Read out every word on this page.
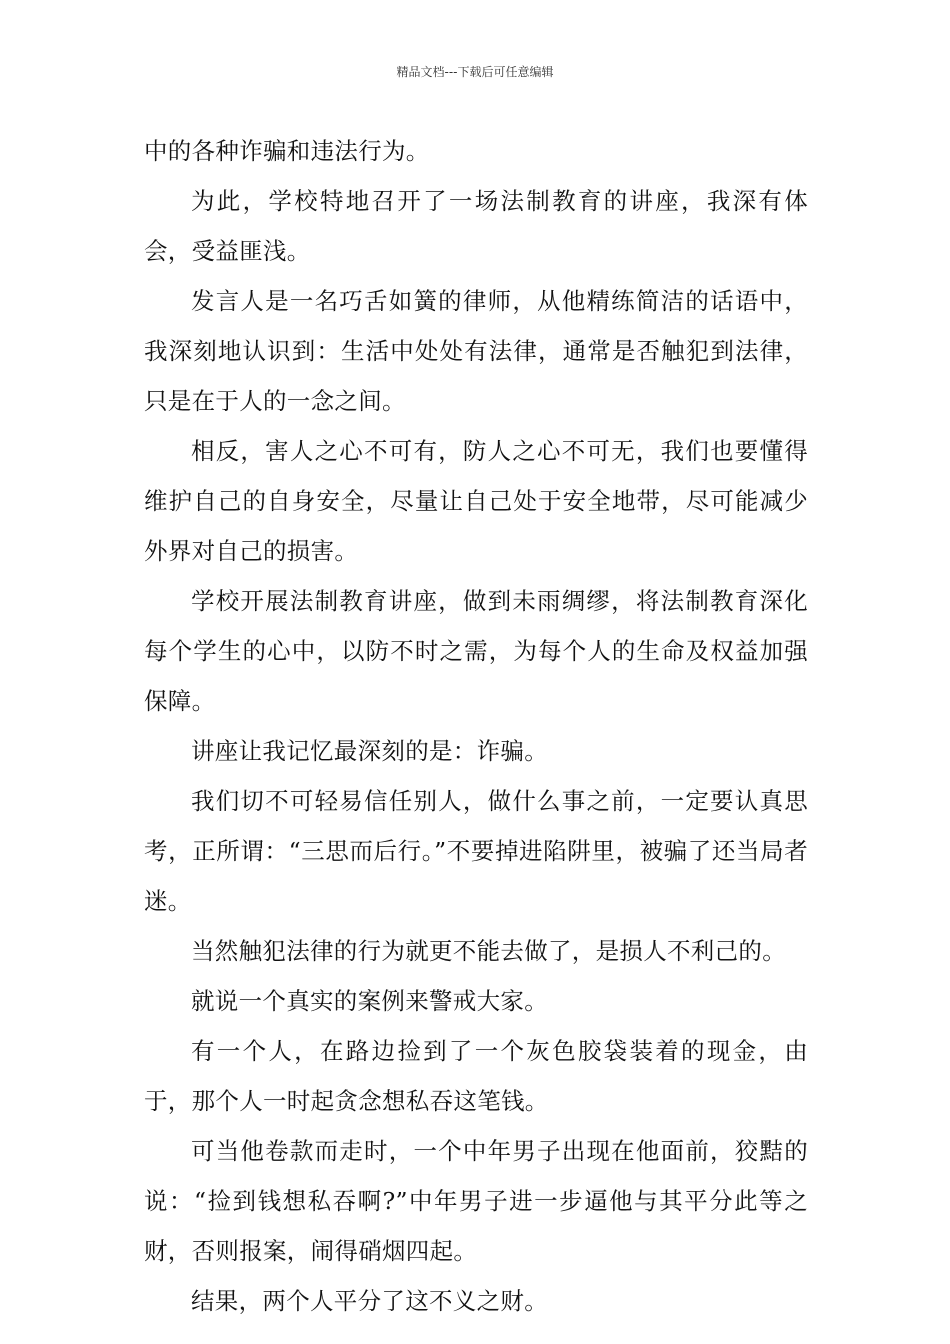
精品文档---下载后可任意编辑

中的各种诈骗和违法行为。

为此，学校特地召开了一场法制教育的讲座，我深有体会，受益匪浅。

发言人是一名巧舌如簧的律师，从他精练简洁的话语中，我深刻地认识到：生活中处处有法律，通常是否触犯到法律，只是在于人的一念之间。

相反，害人之心不可有，防人之心不可无，我们也要懂得维护自己的自身安全，尽量让自己处于安全地带，尽可能减少外界对自己的损害。

学校开展法制教育讲座，做到未雨绸缪，将法制教育深化每个学生的心中，以防不时之需，为每个人的生命及权益加强保障。

讲座让我记忆最深刻的是：诈骗。

我们切不可轻易信任别人，做什么事之前，一定要认真思考，正所谓：“三思而后行。”不要掉进陷阱里，被骗了还当局者迷。

当然触犯法律的行为就更不能去做了，是损人不利己的。

就说一个真实的案例来警戒大家。

有一个人，在路边捡到了一个灰色胶袋装着的现金，由于，那个人一时起贪念想私吞这笔钱。

可当他卷款而走时，一个中年男子出现在他面前，狡黠的说：“捡到钱想私吞啊?”中年男子进一步逼他与其平分此等之财，否则报案，闹得硝烟四起。

结果，两个人平分了这不义之财。
